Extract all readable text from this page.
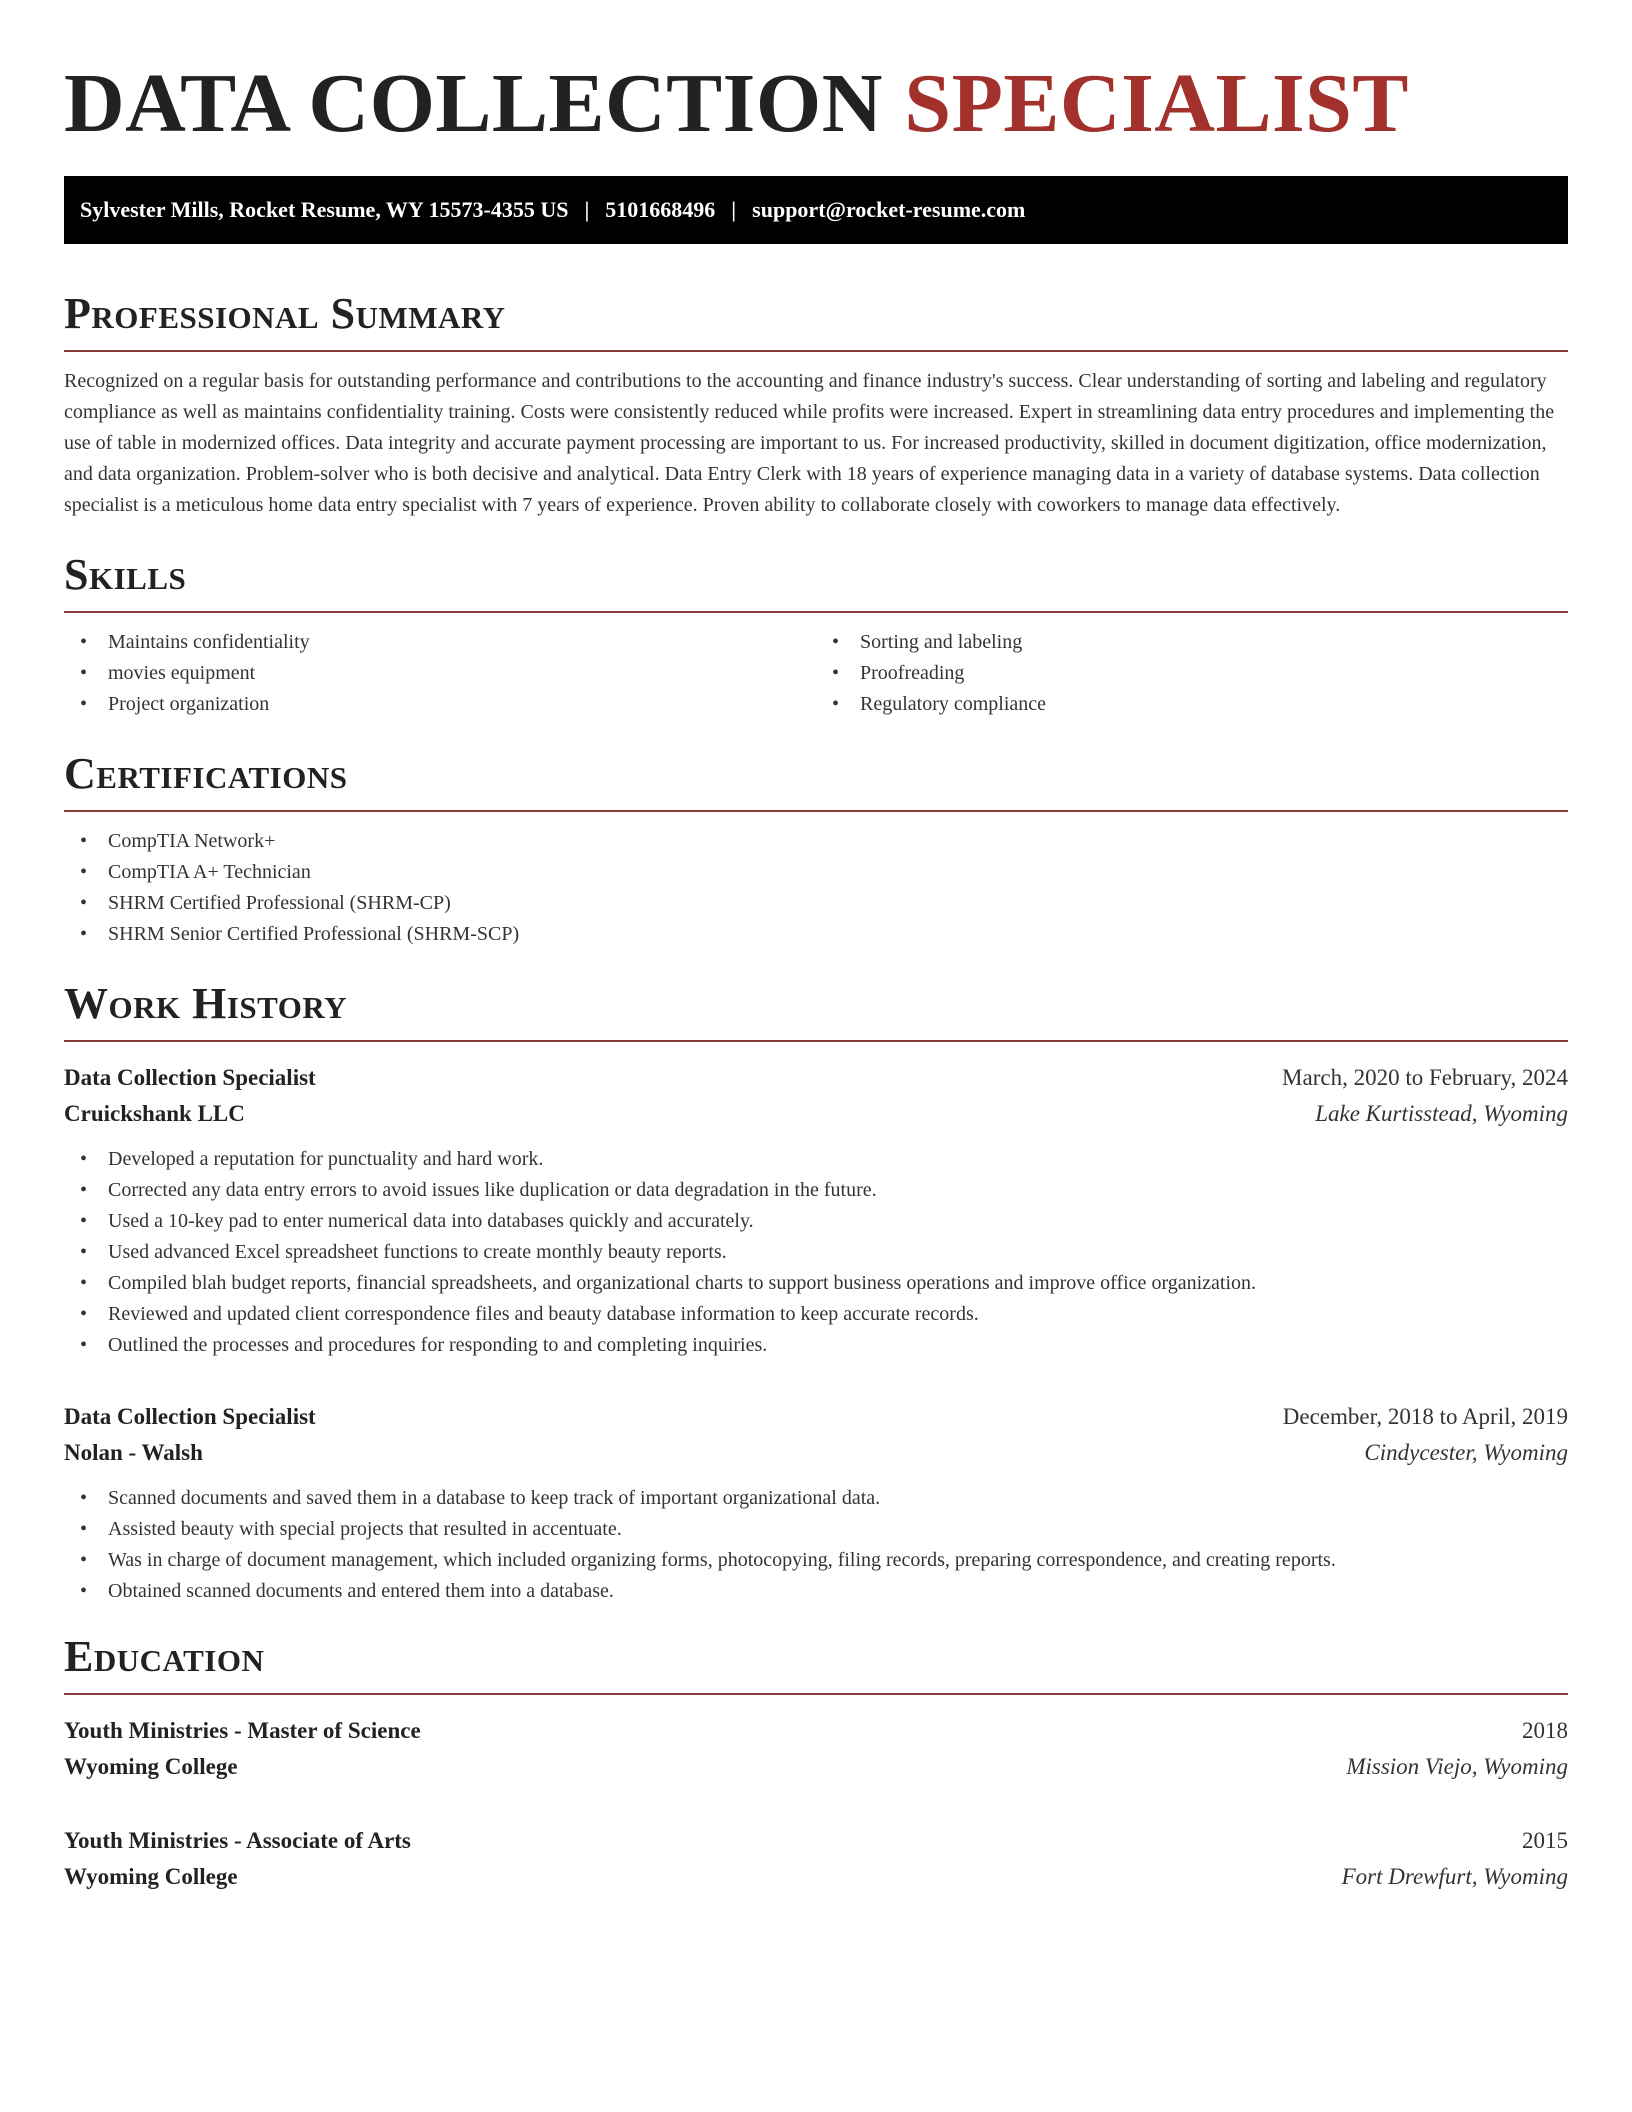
DATA COLLECTION SPECIALIST
Sylvester Mills, Rocket Resume, WY 15573-4355 US | 5101668496 | support@rocket-resume.com
Professional Summary

Recognized on a regular basis for outstanding performance and contributions to the accounting and finance industry's success. Clear understanding of sorting and labeling and regulatory compliance as well as maintains confidentiality training. Costs were consistently reduced while profits were increased. Expert in streamlining data entry procedures and implementing the use of table in modernized offices. Data integrity and accurate payment processing are important to us. For increased productivity, skilled in document digitization, office modernization, and data organization. Problem-solver who is both decisive and analytical. Data Entry Clerk with 18 years of experience managing data in a variety of database systems. Data collection specialist is a meticulous home data entry specialist with 7 years of experience. Proven ability to collaborate closely with coworkers to manage data effectively.

Skills
• Maintains confidentiality
• movies equipment
• Project organization
• Sorting and labeling
• Proofreading
• Regulatory compliance
Certifications
• CompTIA Network+
• CompTIA A+ Technician
• SHRM Certified Professional (SHRM-CP)
• SHRM Senior Certified Professional (SHRM-SCP)
Work History
Data Collection Specialist	March, 2020 to February, 2024
Cruickshank LLC	Lake Kurtisstead, Wyoming
• Developed a reputation for punctuality and hard work.
• Corrected any data entry errors to avoid issues like duplication or data degradation in the future.
• Used a 10-key pad to enter numerical data into databases quickly and accurately.
• Used advanced Excel spreadsheet functions to create monthly beauty reports.
• Compiled blah budget reports, financial spreadsheets, and organizational charts to support business operations and improve office organization.
• Reviewed and updated client correspondence files and beauty database information to keep accurate records.
• Outlined the processes and procedures for responding to and completing inquiries.
Data Collection Specialist	December, 2018 to April, 2019
Nolan - Walsh	Cindycester, Wyoming
• Scanned documents and saved them in a database to keep track of important organizational data.
• Assisted beauty with special projects that resulted in accentuate.
• Was in charge of document management, which included organizing forms, photocopying, filing records, preparing correspondence, and creating reports.
• Obtained scanned documents and entered them into a database.
Education
Youth Ministries - Master of Science	2018
Wyoming College	Mission Viejo, Wyoming
Youth Ministries - Associate of Arts	2015
Wyoming College	Fort Drewfurt, Wyoming
